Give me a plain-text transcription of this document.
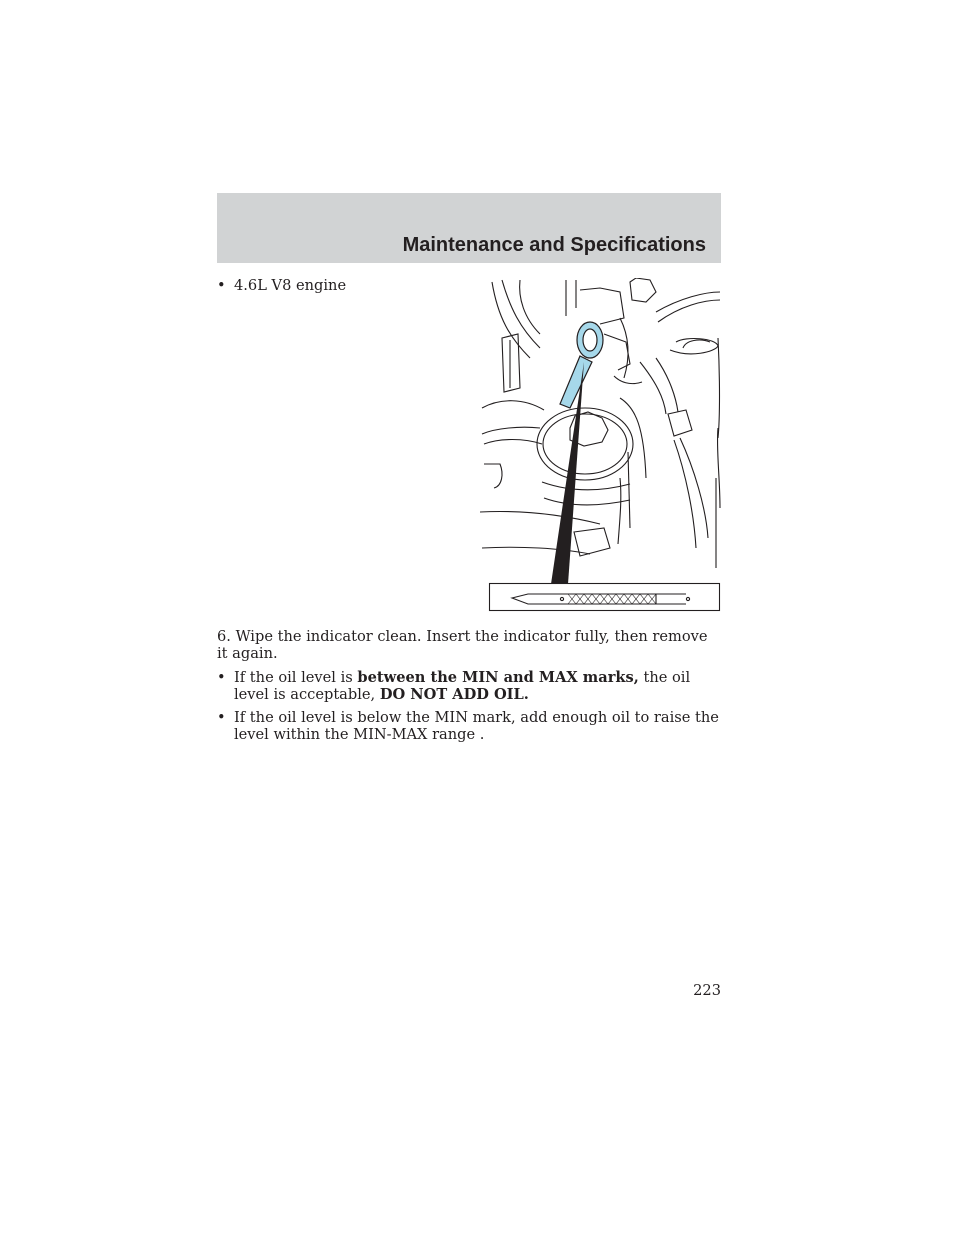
Maintenance and Specifications
• 4.6L V8 engine

6. Wipe the indicator clean. Insert the indicator fully, then remove it again.

• If the oil level is between the MIN and MAX marks, the oil level is acceptable, DO NOT ADD OIL.
• If the oil level is below the MIN mark, add enough oil to raise the level within the MIN-MAX range .
223
